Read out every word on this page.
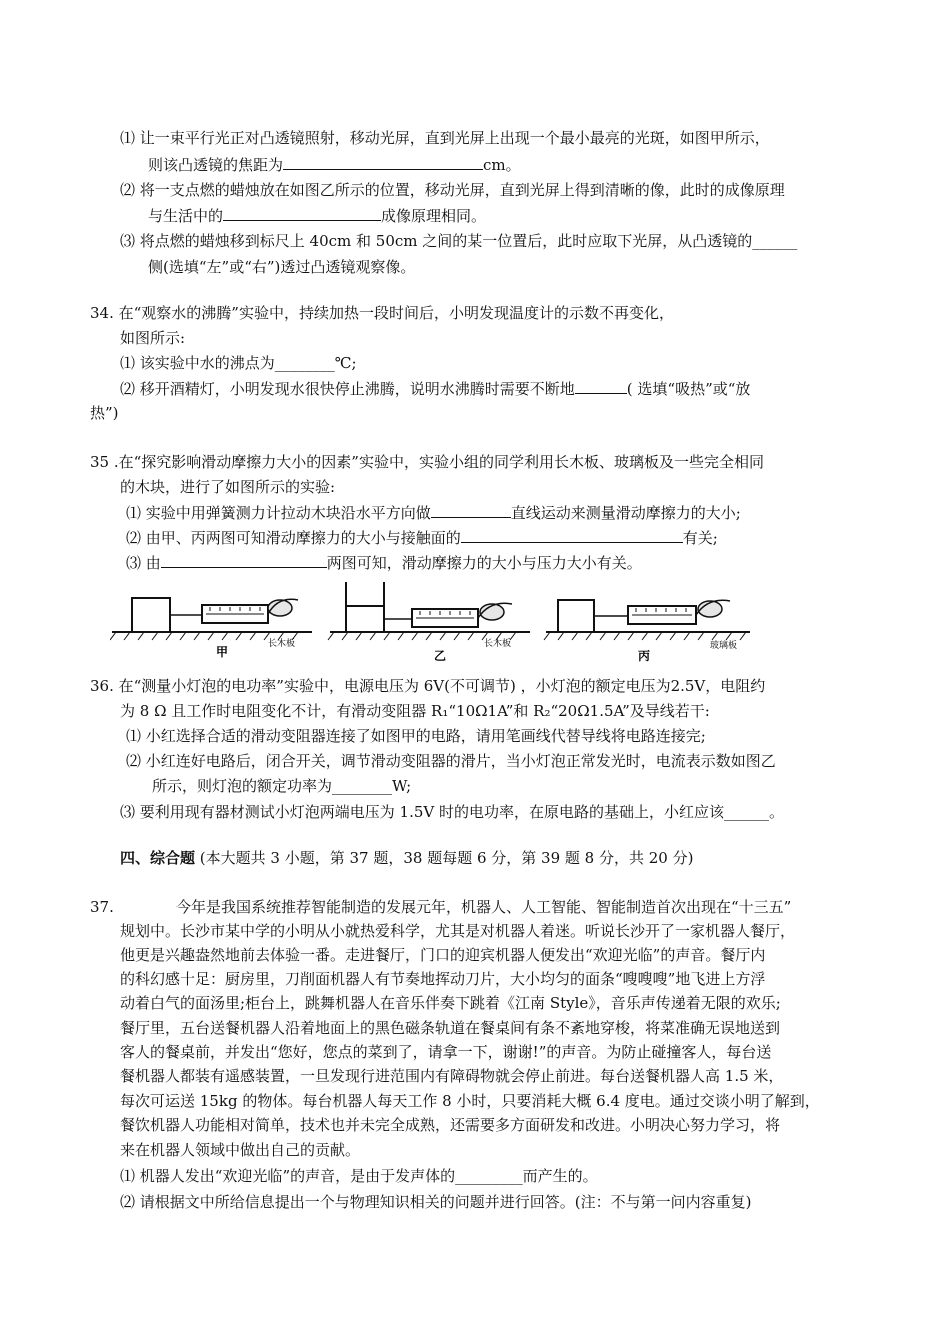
⑴ 让一束平行光正对凸透镜照射，移动光屏，直到光屏上出现一个最小最亮的光斑，如图甲所示，
则该凸透镜的焦距为	cm。
⑵ 将一支点燃的蜡烛放在如图乙所示的位置，移动光屏，直到光屏上得到清晰的像，此时的成像原理
与生活中的	成像原理相同。
⑶ 将点燃的蜡烛移到标尺上 40cm 和 50cm 之间的某一位置后，此时应取下光屏，从凸透镜的______
侧(选填“左”或“右”)透过凸透镜观察像。
34. 在“观察水的沸腾”实验中，持续加热一段时间后，小明发现温度计的示数不再变化，
如图所示:
⑴ 该实验中水的沸点为________℃;
⑵ 移开酒精灯，小明发现水很快停止沸腾，说明水沸腾时需要不断地	( 选填“吸热”或“放
热”)
35 .在“探究影响滑动摩擦力大小的因素”实验中，实验小组的同学利用长木板、玻璃板及一些完全相同
的木块，进行了如图所示的实验:
⑴ 实验中用弹簧测力计拉动木块沿水平方向做	直线运动来测量滑动摩擦力的大小;
⑵ 由甲、丙两图可知滑动摩擦力的大小与接触面的	有关;
⑶ 由	两图可知，滑动摩擦力的大小与压力大小有关。
甲
长木板
乙
长木板
丙
玻璃板
36. 在“测量小灯泡的电功率”实验中，电源电压为 6V(不可调节) ，小灯泡的额定电压为2.5V，电阻约
为 8 Ω 且工作时电阻变化不计，有滑动变阻器 R₁“10Ω1A”和 R₂“20Ω1.5A”及导线若干:
⑴ 小红选择合适的滑动变阻器连接了如图甲的电路，请用笔画线代替导线将电路连接完;
⑵ 小红连好电路后，闭合开关，调节滑动变阻器的滑片，当小灯泡正常发光时，电流表示数如图乙
所示，则灯泡的额定功率为________W;
⑶ 要利用现有器材测试小灯泡两端电压为 1.5V 时的电功率，在原电路的基础上，小红应该______。
四、综合题 (本大题共 3 小题，第 37 题，38 题每题 6 分，第 39 题 8 分，共 20 分)
37.	今年是我国系统推荐智能制造的发展元年，机器人、人工智能、智能制造首次出现在“十三五”
规划中。长沙市某中学的小明从小就热爱科学，尤其是对机器人着迷。听说长沙开了一家机器人餐厅，
他更是兴趣盎然地前去体验一番。走进餐厅，门口的迎宾机器人便发出“欢迎光临”的声音。餐厅内
的科幻感十足：厨房里，刀削面机器人有节奏地挥动刀片，大小均匀的面条“嗖嗖嗖”地飞进上方浮
动着白气的面汤里;柜台上，跳舞机器人在音乐伴奏下跳着《江南 Style》，音乐声传递着无限的欢乐;
餐厅里，五台送餐机器人沿着地面上的黑色磁条轨道在餐桌间有条不紊地穿梭，将菜准确无误地送到
客人的餐桌前，并发出“您好，您点的菜到了，请拿一下，谢谢!”的声音。为防止碰撞客人，每台送
餐机器人都装有遥感装置，一旦发现行进范围内有障碍物就会停止前进。每台送餐机器人高 1.5 米，
每次可运送 15kg 的物体。每台机器人每天工作 8 小时，只要消耗大概 6.4 度电。通过交谈小明了解到，
餐饮机器人功能相对简单，技术也并未完全成熟，还需要多方面研发和改进。小明决心努力学习，将
来在机器人领域中做出自己的贡献。
⑴ 机器人发出“欢迎光临”的声音，是由于发声体的_________而产生的。
⑵ 请根据文中所给信息提出一个与物理知识相关的问题并进行回答。(注：不与第一问内容重复)
